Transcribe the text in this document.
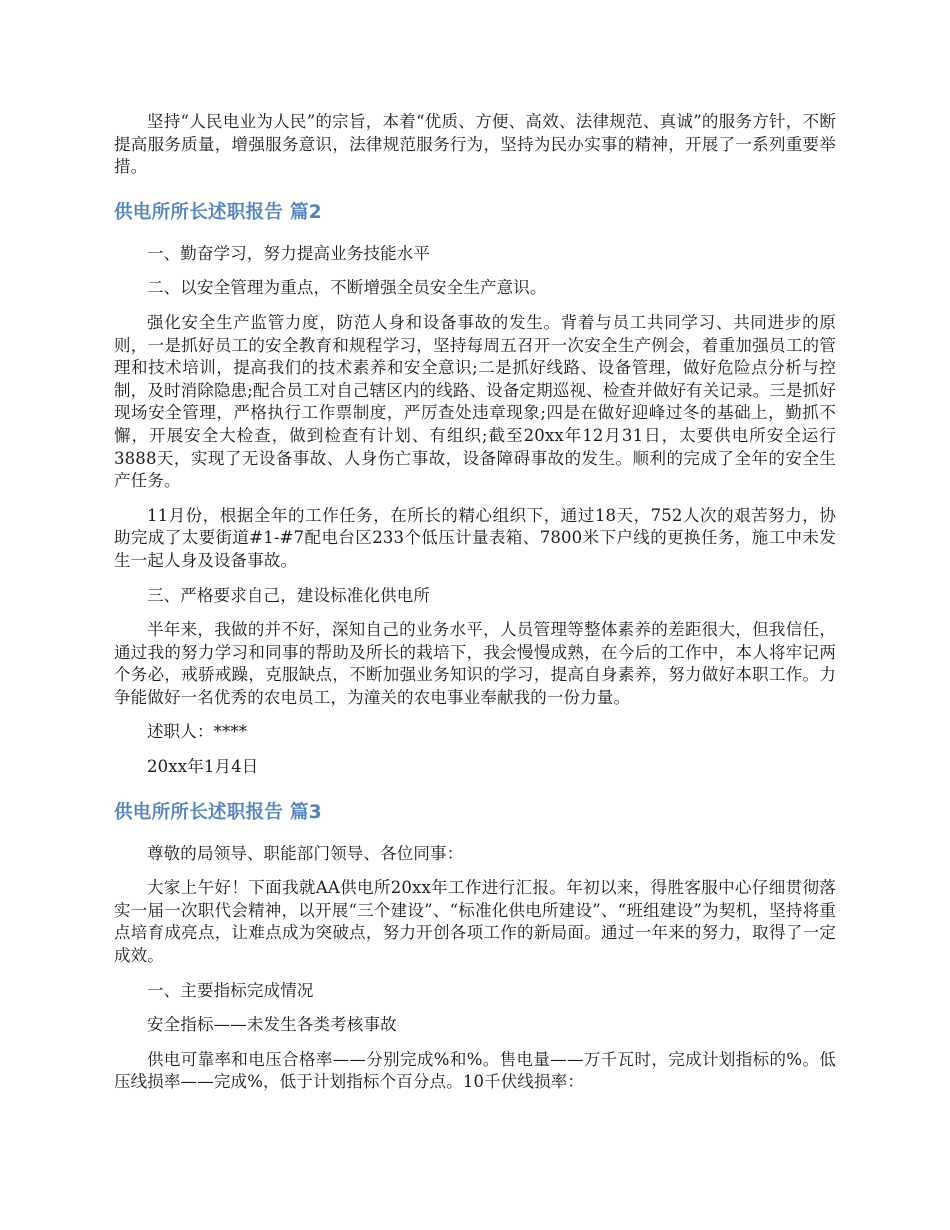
坚持“人民电业为人民”的宗旨，本着“优质、方便、高效、法律规范、真诚”的服务方针，不断提高服务质量，增强服务意识，法律规范服务行为，坚持为民办实事的精神，开展了一系列重要举措。

供电所所长述职报告 篇2

一、勤奋学习，努力提高业务技能水平

二、以安全管理为重点，不断增强全员安全生产意识。

强化安全生产监管力度，防范人身和设备事故的发生。背着与员工共同学习、共同进步的原则，一是抓好员工的安全教育和规程学习，坚持每周五召开一次安全生产例会，着重加强员工的管理和技术培训，提高我们的技术素养和安全意识;二是抓好线路、设备管理，做好危险点分析与控制，及时消除隐患;配合员工对自己辖区内的线路、设备定期巡视、检查并做好有关记录。三是抓好现场安全管理，严格执行工作票制度，严厉查处违章现象;四是在做好迎峰过冬的基础上，勤抓不懈，开展安全大检查，做到检查有计划、有组织;截至20xx年12月31日，太要供电所安全运行3888天，实现了无设备事故、人身伤亡事故，设备障碍事故的发生。顺利的完成了全年的安全生产任务。

11月份，根据全年的工作任务，在所长的精心组织下，通过18天，752人次的艰苦努力，协助完成了太要街道#1-#7配电台区233个低压计量表箱、7800米下户线的更换任务，施工中未发生一起人身及设备事故。

三、严格要求自己，建设标准化供电所

半年来，我做的并不好，深知自己的业务水平，人员管理等整体素养的差距很大，但我信任，通过我的努力学习和同事的帮助及所长的栽培下，我会慢慢成熟，在今后的工作中，本人将牢记两个务必，戒骄戒躁，克服缺点，不断加强业务知识的学习，提高自身素养，努力做好本职工作。力争能做好一名优秀的农电员工，为潼关的农电事业奉献我的一份力量。

述职人：****

20xx年1月4日

供电所所长述职报告 篇3

尊敬的局领导、职能部门领导、各位同事：

大家上午好！下面我就AA供电所20xx年工作进行汇报。年初以来，得胜客服中心仔细贯彻落实一届一次职代会精神，以开展“三个建设”、“标准化供电所建设”、“班组建设”为契机，坚持将重点培育成亮点，让难点成为突破点，努力开创各项工作的新局面。通过一年来的努力，取得了一定成效。

一、主要指标完成情况

安全指标——未发生各类考核事故

供电可靠率和电压合格率——分别完成%和%。售电量——万千瓦时，完成计划指标的%。低压线损率——完成%，低于计划指标个百分点。10千伏线损率：
